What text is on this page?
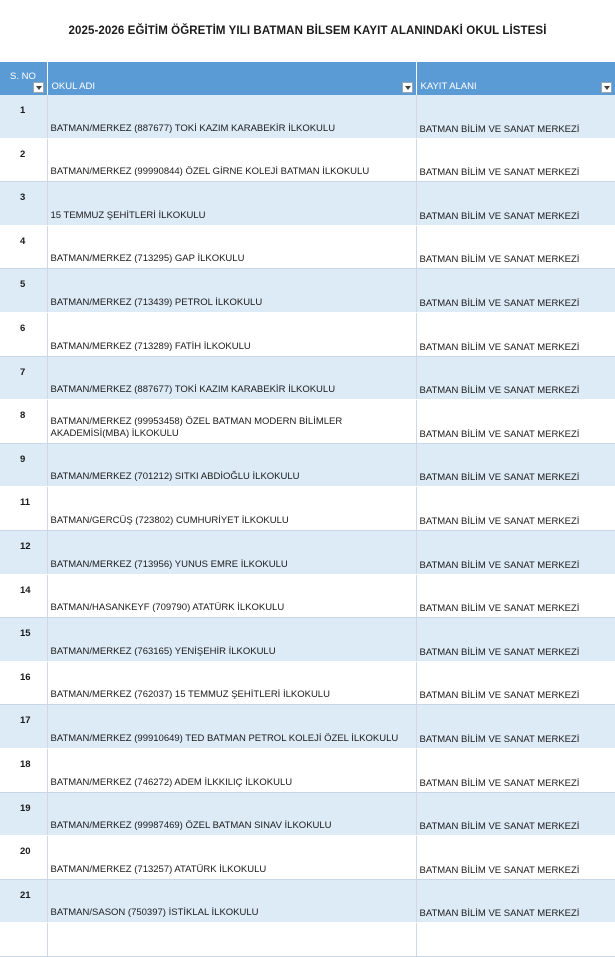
2025-2026 EĞİTİM ÖĞRETİM YILI BATMAN BİLSEM KAYIT ALANINDAKİ OKUL LİSTESİ
S. NO	OKUL ADI	KAYIT ALANI

1	BATMAN/MERKEZ (887677) TOKİ KAZIM KARABEKİR İLKOKULU	BATMAN BİLİM VE SANAT MERKEZİ
2	BATMAN/MERKEZ (99990844) ÖZEL GİRNE KOLEJİ BATMAN İLKOKULU	BATMAN BİLİM VE SANAT MERKEZİ
3	15 TEMMUZ ŞEHİTLERİ İLKOKULU	BATMAN BİLİM VE SANAT MERKEZİ
4	BATMAN/MERKEZ (713295) GAP İLKOKULU	BATMAN BİLİM VE SANAT MERKEZİ
5	BATMAN/MERKEZ (713439) PETROL İLKOKULU	BATMAN BİLİM VE SANAT MERKEZİ
6	BATMAN/MERKEZ (713289) FATİH İLKOKULU	BATMAN BİLİM VE SANAT MERKEZİ
7	BATMAN/MERKEZ (887677) TOKİ KAZIM KARABEKİR İLKOKULU	BATMAN BİLİM VE SANAT MERKEZİ
8	BATMAN/MERKEZ (99953458) ÖZEL BATMAN MODERN BİLİMLER AKADEMİSİ(MBA) İLKOKULU	BATMAN BİLİM VE SANAT MERKEZİ
9	BATMAN/MERKEZ (701212) SITKI ABDİOĞLU İLKOKULU	BATMAN BİLİM VE SANAT MERKEZİ
11	BATMAN/GERCÜŞ (723802) CUMHURİYET İLKOKULU	BATMAN BİLİM VE SANAT MERKEZİ
12	BATMAN/MERKEZ (713956) YUNUS EMRE İLKOKULU	BATMAN BİLİM VE SANAT MERKEZİ
14	BATMAN/HASANKEYF (709790) ATATÜRK İLKOKULU	BATMAN BİLİM VE SANAT MERKEZİ
15	BATMAN/MERKEZ (763165) YENİŞEHİR İLKOKULU	BATMAN BİLİM VE SANAT MERKEZİ
16	BATMAN/MERKEZ (762037) 15 TEMMUZ ŞEHİTLERİ İLKOKULU	BATMAN BİLİM VE SANAT MERKEZİ
17	BATMAN/MERKEZ (99910649) TED BATMAN PETROL KOLEJİ ÖZEL İLKOKULU	BATMAN BİLİM VE SANAT MERKEZİ
18	BATMAN/MERKEZ (746272) ADEM İLKKILIÇ İLKOKULU	BATMAN BİLİM VE SANAT MERKEZİ
19	BATMAN/MERKEZ (99987469) ÖZEL BATMAN SINAV İLKOKULU	BATMAN BİLİM VE SANAT MERKEZİ
20	BATMAN/MERKEZ (713257) ATATÜRK İLKOKULU	BATMAN BİLİM VE SANAT MERKEZİ
21	BATMAN/SASON (750397) İSTİKLAL İLKOKULU	BATMAN BİLİM VE SANAT MERKEZİ
